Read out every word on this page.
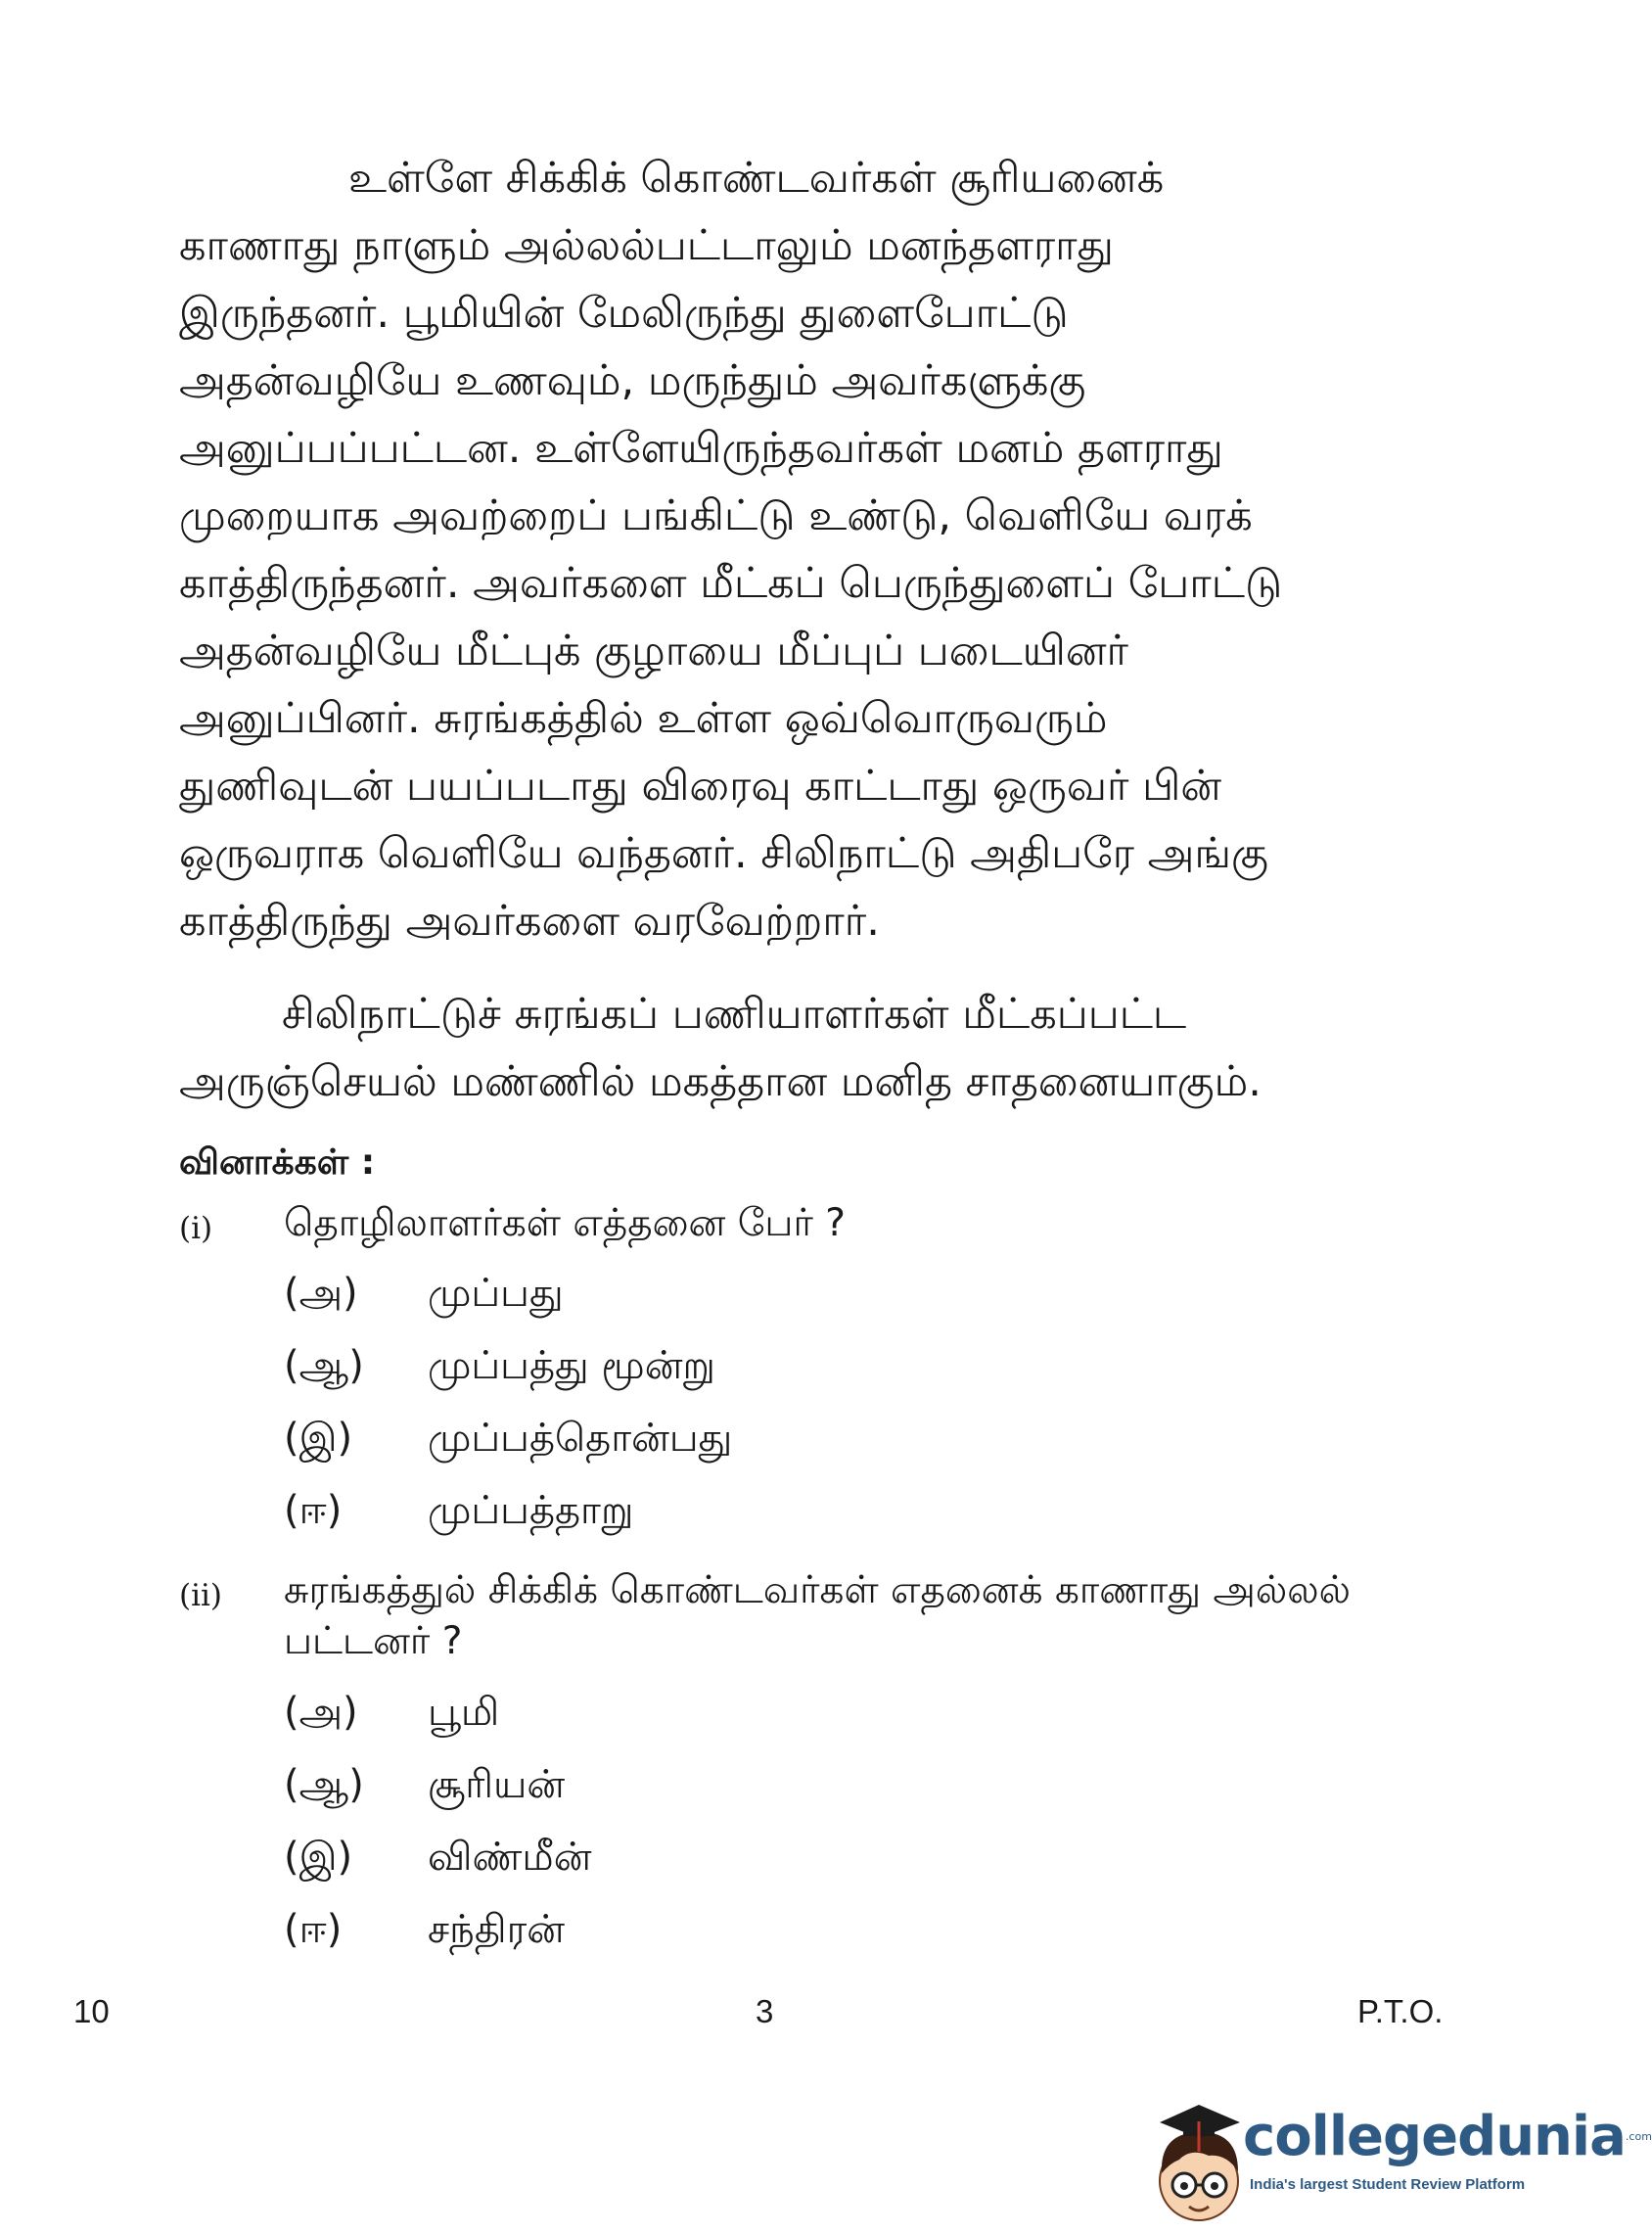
உள்ளே சிக்கிக் கொண்டவர்கள் சூரியனைக்
காணாது நாளும் அல்லல்பட்டாலும் மனந்தளராது
இருந்தனர். பூமியின் மேலிருந்து துளைபோட்டு
அதன்வழியே உணவும், மருந்தும் அவர்களுக்கு
அனுப்பப்பட்டன. உள்ளேயிருந்தவர்கள் மனம் தளராது
முறையாக அவற்றைப் பங்கிட்டு உண்டு, வெளியே வரக்
காத்திருந்தனர். அவர்களை மீட்கப் பெருந்துளைப் போட்டு
அதன்வழியே மீட்புக் குழாயை மீப்புப் படையினர்
அனுப்பினர். சுரங்கத்தில் உள்ள ஒவ்வொருவரும்
துணிவுடன் பயப்படாது விரைவு காட்டாது ஒருவர் பின்
ஒருவராக வெளியே வந்தனர். சிலிநாட்டு அதிபரே அங்கு
காத்திருந்து அவர்களை வரவேற்றார்.
சிலிநாட்டுச் சுரங்கப் பணியாளர்கள் மீட்கப்பட்ட
அருஞ்செயல் மண்ணில் மகத்தான மனித சாதனையாகும்.
வினாக்கள் :
(i) தொழிலாளர்கள் எத்தனை பேர் ?
(அ) முப்பது
(ஆ) முப்பத்து மூன்று
(இ) முப்பத்தொன்பது
(ஈ) முப்பத்தாறு
(ii) சுரங்கத்துல் சிக்கிக் கொண்டவர்கள் எதனைக் காணாது அல்லல் பட்டனர் ?
(அ) பூமி
(ஆ) சூரியன்
(இ) விண்மீன்
(ஈ) சந்திரன்
10	3	P.T.O.
collegedunia$^{.com}$
India's largest Student Review Platform
